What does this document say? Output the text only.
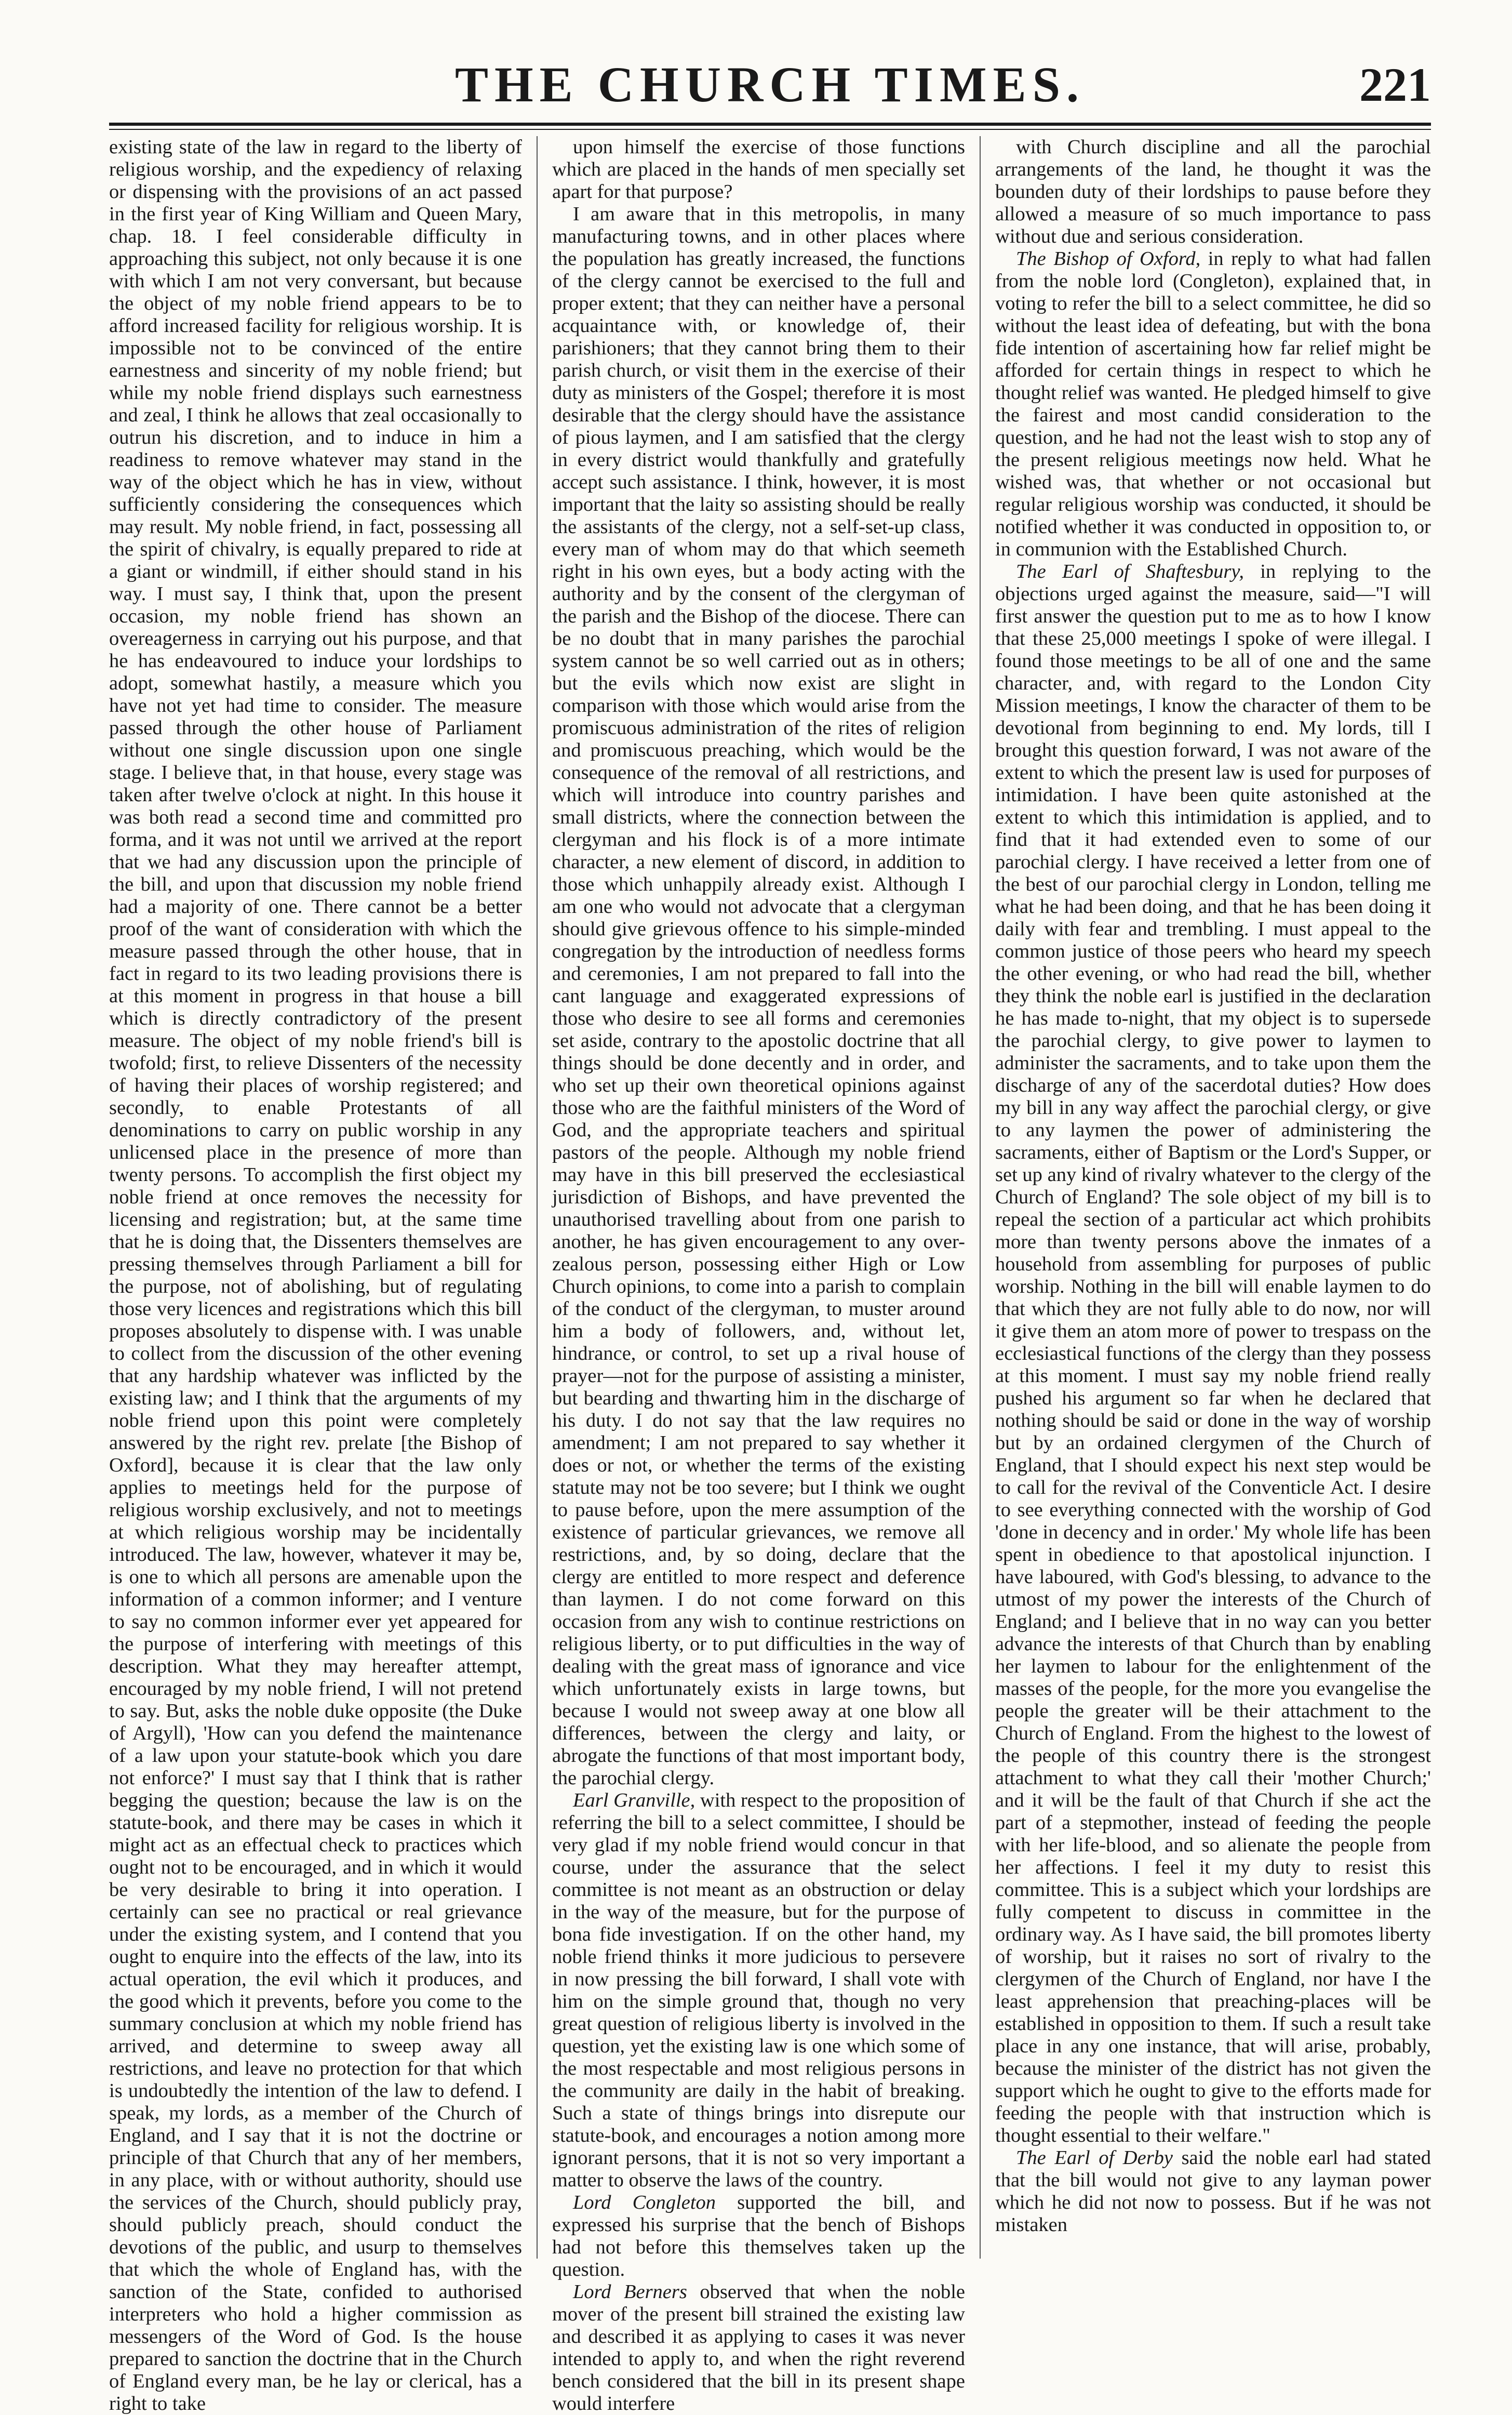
THE CHURCH TIMES.	221

existing state of the law in regard to the liberty of religious worship, and the expediency of relaxing or dispensing with the provisions of an act passed in the first year of King William and Queen Mary, chap. 18. I feel considerable difficulty in approaching this subject, not only because it is one with which I am not very conversant, but because the object of my noble friend appears to be to afford increased facility for religious worship. It is impossible not to be convinced of the entire earnestness and sincerity of my noble friend; but while my noble friend displays such earnestness and zeal, I think he allows that zeal occasionally to outrun his discretion, and to induce in him a readiness to remove whatever may stand in the way of the object which he has in view, without sufficiently considering the consequences which may result. My noble friend, in fact, possessing all the spirit of chivalry, is equally prepared to ride at a giant or windmill, if either should stand in his way. I must say, I think that, upon the present occasion, my noble friend has shown an overeagerness in carrying out his purpose, and that he has endeavoured to induce your lordships to adopt, somewhat hastily, a measure which you have not yet had time to consider. The measure passed through the other house of Parliament without one single discussion upon one single stage. I believe that, in that house, every stage was taken after twelve o'clock at night. In this house it was both read a second time and committed pro forma, and it was not until we arrived at the report that we had any discussion upon the principle of the bill, and upon that discussion my noble friend had a majority of one. There cannot be a better proof of the want of consideration with which the measure passed through the other house, that in fact in regard to its two leading provisions there is at this moment in progress in that house a bill which is directly contradictory of the present measure. The object of my noble friend's bill is twofold; first, to relieve Dissenters of the necessity of having their places of worship registered; and secondly, to enable Protestants of all denominations to carry on public worship in any unlicensed place in the presence of more than twenty persons. To accomplish the first object my noble friend at once removes the necessity for licensing and registration; but, at the same time that he is doing that, the Dissenters themselves are pressing themselves through Parliament a bill for the purpose, not of abolishing, but of regulating those very licences and registrations which this bill proposes absolutely to dispense with. I was unable to collect from the discussion of the other evening that any hardship whatever was inflicted by the existing law; and I think that the arguments of my noble friend upon this point were completely answered by the right rev. prelate [the Bishop of Oxford], because it is clear that the law only applies to meetings held for the purpose of religious worship exclusively, and not to meetings at which religious worship may be incidentally introduced. The law, however, whatever it may be, is one to which all persons are amenable upon the information of a common informer; and I venture to say no common informer ever yet appeared for the purpose of interfering with meetings of this description. What they may hereafter attempt, encouraged by my noble friend, I will not pretend to say. But, asks the noble duke opposite (the Duke of Argyll), 'How can you defend the maintenance of a law upon your statute-book which you dare not enforce?' I must say that I think that is rather begging the question; because the law is on the statute-book, and there may be cases in which it might act as an effectual check to practices which ought not to be encouraged, and in which it would be very desirable to bring it into operation. I certainly can see no practical or real grievance under the existing system, and I contend that you ought to enquire into the effects of the law, into its actual operation, the evil which it produces, and the good which it prevents, before you come to the summary conclusion at which my noble friend has arrived, and determine to sweep away all restrictions, and leave no protection for that which is undoubtedly the intention of the law to defend. I speak, my lords, as a member of the Church of England, and I say that it is not the doctrine or principle of that Church that any of her members, in any place, with or without authority, should use the services of the Church, should publicly pray, should publicly preach, should conduct the devotions of the public, and usurp to themselves that which the whole of England has, with the sanction of the State, confided to authorised interpreters who hold a higher commission as messengers of the Word of God. Is the house prepared to sanction the doctrine that in the Church of England every man, be he lay or clerical, has a right to take

upon himself the exercise of those functions which are placed in the hands of men specially set apart for that purpose?

I am aware that in this metropolis, in many manufacturing towns, and in other places where the population has greatly increased, the functions of the clergy cannot be exercised to the full and proper extent; that they can neither have a personal acquaintance with, or knowledge of, their parishioners; that they cannot bring them to their parish church, or visit them in the exercise of their duty as ministers of the Gospel; therefore it is most desirable that the clergy should have the assistance of pious laymen, and I am satisfied that the clergy in every district would thankfully and gratefully accept such assistance. I think, however, it is most important that the laity so assisting should be really the assistants of the clergy, not a self-set-up class, every man of whom may do that which seemeth right in his own eyes, but a body acting with the authority and by the consent of the clergyman of the parish and the Bishop of the diocese. There can be no doubt that in many parishes the parochial system cannot be so well carried out as in others; but the evils which now exist are slight in comparison with those which would arise from the promiscuous administration of the rites of religion and promiscuous preaching, which would be the consequence of the removal of all restrictions, and which will introduce into country parishes and small districts, where the connection between the clergyman and his flock is of a more intimate character, a new element of discord, in addition to those which unhappily already exist. Although I am one who would not advocate that a clergyman should give grievous offence to his simple-minded congregation by the introduction of needless forms and ceremonies, I am not prepared to fall into the cant language and exaggerated expressions of those who desire to see all forms and ceremonies set aside, contrary to the apostolic doctrine that all things should be done decently and in order, and who set up their own theoretical opinions against those who are the faithful ministers of the Word of God, and the appropriate teachers and spiritual pastors of the people. Although my noble friend may have in this bill preserved the ecclesiastical jurisdiction of Bishops, and have prevented the unauthorised travelling about from one parish to another, he has given encouragement to any over-zealous person, possessing either High or Low Church opinions, to come into a parish to complain of the conduct of the clergyman, to muster around him a body of followers, and, without let, hindrance, or control, to set up a rival house of prayer—not for the purpose of assisting a minister, but bearding and thwarting him in the discharge of his duty. I do not say that the law requires no amendment; I am not prepared to say whether it does or not, or whether the terms of the existing statute may not be too severe; but I think we ought to pause before, upon the mere assumption of the existence of particular grievances, we remove all restrictions, and, by so doing, declare that the clergy are entitled to more respect and deference than laymen. I do not come forward on this occasion from any wish to continue restrictions on religious liberty, or to put difficulties in the way of dealing with the great mass of ignorance and vice which unfortunately exists in large towns, but because I would not sweep away at one blow all differences, between the clergy and laity, or abrogate the functions of that most important body, the parochial clergy.

Earl Granville, with respect to the proposition of referring the bill to a select committee, I should be very glad if my noble friend would concur in that course, under the assurance that the select committee is not meant as an obstruction or delay in the way of the measure, but for the purpose of bona fide investigation. If on the other hand, my noble friend thinks it more judicious to persevere in now pressing the bill forward, I shall vote with him on the simple ground that, though no very great question of religious liberty is involved in the question, yet the existing law is one which some of the most respectable and most religious persons in the community are daily in the habit of breaking. Such a state of things brings into disrepute our statute-book, and encourages a notion among more ignorant persons, that it is not so very important a matter to observe the laws of the country.

Lord Congleton supported the bill, and expressed his surprise that the bench of Bishops had not before this themselves taken up the question.

Lord Berners observed that when the noble mover of the present bill strained the existing law and described it as applying to cases it was never intended to apply to, and when the right reverend bench considered that the bill in its present shape would interfere

with Church discipline and all the parochial arrangements of the land, he thought it was the bounden duty of their lordships to pause before they allowed a measure of so much importance to pass without due and serious consideration.

The Bishop of Oxford, in reply to what had fallen from the noble lord (Congleton), explained that, in voting to refer the bill to a select committee, he did so without the least idea of defeating, but with the bona fide intention of ascertaining how far relief might be afforded for certain things in respect to which he thought relief was wanted. He pledged himself to give the fairest and most candid consideration to the question, and he had not the least wish to stop any of the present religious meetings now held. What he wished was, that whether or not occasional but regular religious worship was conducted, it should be notified whether it was conducted in opposition to, or in communion with the Established Church.

The Earl of Shaftesbury, in replying to the objections urged against the measure, said—"I will first answer the question put to me as to how I know that these 25,000 meetings I spoke of were illegal. I found those meetings to be all of one and the same character, and, with regard to the London City Mission meetings, I know the character of them to be devotional from beginning to end. My lords, till I brought this question forward, I was not aware of the extent to which the present law is used for purposes of intimidation. I have been quite astonished at the extent to which this intimidation is applied, and to find that it had extended even to some of our parochial clergy. I have received a letter from one of the best of our parochial clergy in London, telling me what he had been doing, and that he has been doing it daily with fear and trembling. I must appeal to the common justice of those peers who heard my speech the other evening, or who had read the bill, whether they think the noble earl is justified in the declaration he has made to-night, that my object is to supersede the parochial clergy, to give power to laymen to administer the sacraments, and to take upon them the discharge of any of the sacerdotal duties? How does my bill in any way affect the parochial clergy, or give to any laymen the power of administering the sacraments, either of Baptism or the Lord's Supper, or set up any kind of rivalry whatever to the clergy of the Church of England? The sole object of my bill is to repeal the section of a particular act which prohibits more than twenty persons above the inmates of a household from assembling for purposes of public worship. Nothing in the bill will enable laymen to do that which they are not fully able to do now, nor will it give them an atom more of power to trespass on the ecclesiastical functions of the clergy than they possess at this moment. I must say my noble friend really pushed his argument so far when he declared that nothing should be said or done in the way of worship but by an ordained clergymen of the Church of England, that I should expect his next step would be to call for the revival of the Conventicle Act. I desire to see everything connected with the worship of God 'done in decency and in order.' My whole life has been spent in obedience to that apostolical injunction. I have laboured, with God's blessing, to advance to the utmost of my power the interests of the Church of England; and I believe that in no way can you better advance the interests of that Church than by enabling her laymen to labour for the enlightenment of the masses of the people, for the more you evangelise the people the greater will be their attachment to the Church of England. From the highest to the lowest of the people of this country there is the strongest attachment to what they call their 'mother Church;' and it will be the fault of that Church if she act the part of a stepmother, instead of feeding the people with her life-blood, and so alienate the people from her affections. I feel it my duty to resist this committee. This is a subject which your lordships are fully competent to discuss in committee in the ordinary way. As I have said, the bill promotes liberty of worship, but it raises no sort of rivalry to the clergymen of the Church of England, nor have I the least apprehension that preaching-places will be established in opposition to them. If such a result take place in any one instance, that will arise, probably, because the minister of the district has not given the support which he ought to give to the efforts made for feeding the people with that instruction which is thought essential to their welfare."

The Earl of Derby said the noble earl had stated that the bill would not give to any layman power which he did not now to possess. But if he was not mistaken
